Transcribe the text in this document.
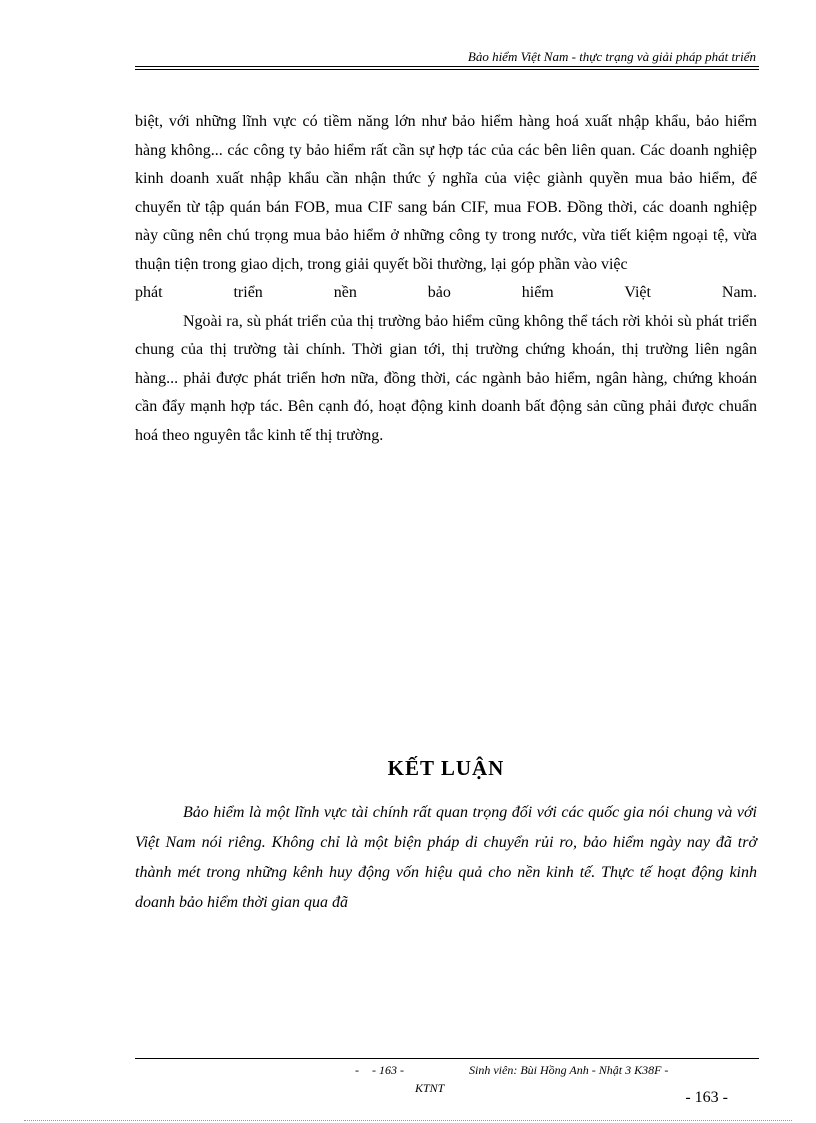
Bảo hiểm Việt Nam - thực trạng và giải pháp phát triển

biệt, với những lĩnh vực có tiềm năng lớn như bảo hiểm hàng hoá xuất nhập khẩu, bảo hiểm hàng không... các công ty bảo hiểm rất cần sự hợp tác của các bên liên quan. Các doanh nghiệp kinh doanh xuất nhập khẩu cần nhận thức ý nghĩa của việc giành quyền mua bảo hiểm, để chuyển từ tập quán bán FOB, mua CIF sang bán CIF, mua FOB. Đồng thời, các doanh nghiệp này cũng nên chú trọng mua bảo hiểm ở những công ty trong nước, vừa tiết kiệm ngoại tệ, vừa thuận tiện trong giao dịch, trong giải quyết bồi thường, lại góp phần vào việc

phát triển nền bảo hiểm Việt Nam.

Ngoài ra, sù phát triển của thị trường bảo hiểm cũng không thể tách rời khỏi sù phát triển chung của thị trường tài chính. Thời gian tới, thị trường chứng khoán, thị trường liên ngân hàng... phải được phát triển hơn nữa, đồng thời, các ngành bảo hiểm, ngân hàng, chứng khoán cần đẩy mạnh hợp tác. Bên cạnh đó, hoạt động kinh doanh bất động sản cũng phải được chuẩn hoá theo nguyên tắc kinh tế thị trường.

KẾT LUẬN

Bảo hiểm là một lĩnh vực tài chính rất quan trọng đối với các quốc gia nói chung và với Việt Nam nói riêng. Không chỉ là một biện pháp di chuyển rủi ro, bảo hiểm ngày nay đã trở thành mét trong những kênh huy động vốn hiệu quả cho nền kinh tế. Thực tế hoạt động kinh doanh bảo hiểm thời gian qua đã

- - 163 -	Sinh viên: Bùi Hồng Anh - Nhật 3 K38F -
KTNT
- 163 -
